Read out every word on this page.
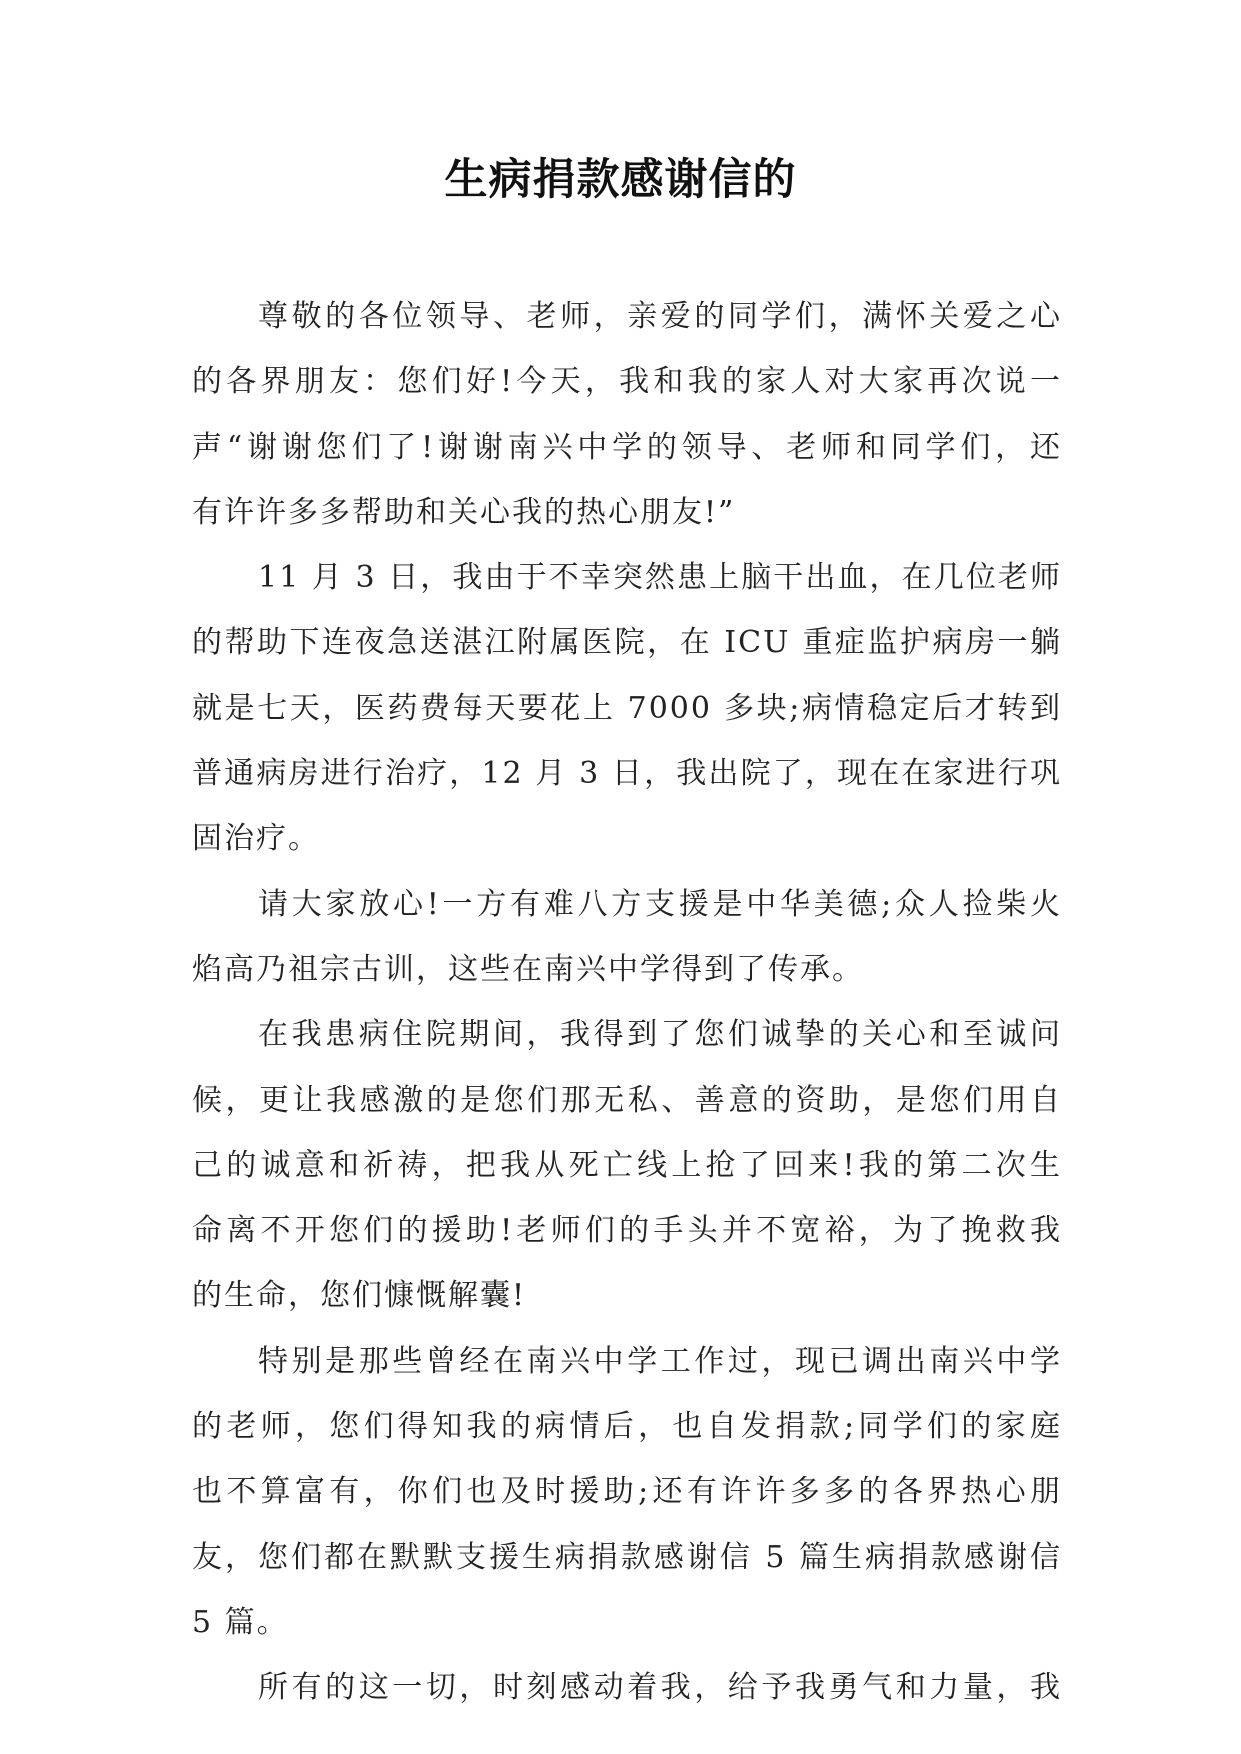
生病捐款感谢信的
尊敬的各位领导、老师，亲爱的同学们，满怀关爱之心
的各界朋友：您们好!今天，我和我的家人对大家再次说一
声“谢谢您们了!谢谢南兴中学的领导、老师和同学们，还
有许许多多帮助和关心我的热心朋友!”
11 月 3 日，我由于不幸突然患上脑干出血，在几位老师
的帮助下连夜急送湛江附属医院，在 ICU 重症监护病房一躺
就是七天，医药费每天要花上 7000 多块;病情稳定后才转到
普通病房进行治疗，12 月 3 日，我出院了，现在在家进行巩
固治疗。
请大家放心!一方有难八方支援是中华美德;众人捡柴火
焰高乃祖宗古训，这些在南兴中学得到了传承。
在我患病住院期间，我得到了您们诚挚的关心和至诚问
候，更让我感激的是您们那无私、善意的资助，是您们用自
己的诚意和祈祷，把我从死亡线上抢了回来!我的第二次生
命离不开您们的援助!老师们的手头并不宽裕，为了挽救我
的生命，您们慷慨解囊!
特别是那些曾经在南兴中学工作过，现已调出南兴中学
的老师，您们得知我的病情后，也自发捐款;同学们的家庭
也不算富有，你们也及时援助;还有许许多多的各界热心朋
友，您们都在默默支援生病捐款感谢信 5 篇生病捐款感谢信
5 篇。
所有的这一切，时刻感动着我，给予我勇气和力量，我
